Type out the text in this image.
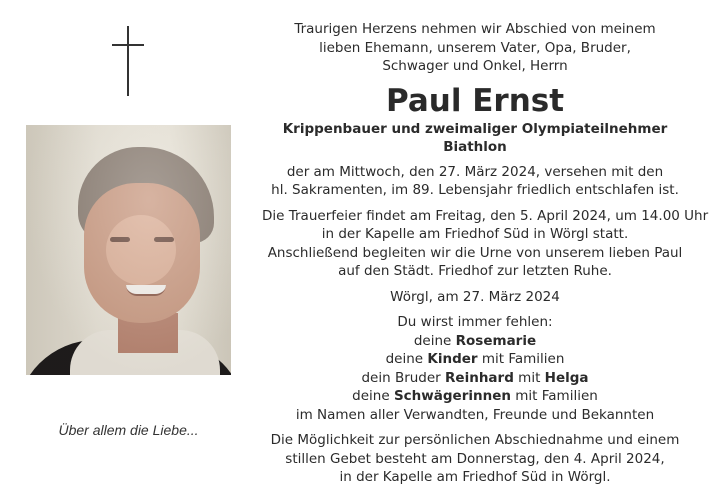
Über allem die Liebe...
Traurigen Herzens nehmen wir Abschied von meinem
lieben Ehemann, unserem Vater, Opa, Bruder,
Schwager und Onkel, Herrn
Paul Ernst
Krippenbauer und zweimaliger Olympiateilnehmer Biathlon
der am Mittwoch, den 27. März 2024, versehen mit den
hl. Sakramenten, im 89. Lebensjahr friedlich entschlafen ist.
Die Trauerfeier findet am Freitag, den 5. April 2024, um 14.00 Uhr
in der Kapelle am Friedhof Süd in Wörgl statt.
Anschließend begleiten wir die Urne von unserem lieben Paul
auf den Städt. Friedhof zur letzten Ruhe.
Wörgl, am 27. März 2024
Du wirst immer fehlen:
deine Rosemarie
deine Kinder mit Familien
dein Bruder Reinhard mit Helga
deine Schwägerinnen mit Familien
im Namen aller Verwandten, Freunde und Bekannten
Die Möglichkeit zur persönlichen Abschiednahme und einem
stillen Gebet besteht am Donnerstag, den 4. April 2024,
in der Kapelle am Friedhof Süd in Wörgl.
